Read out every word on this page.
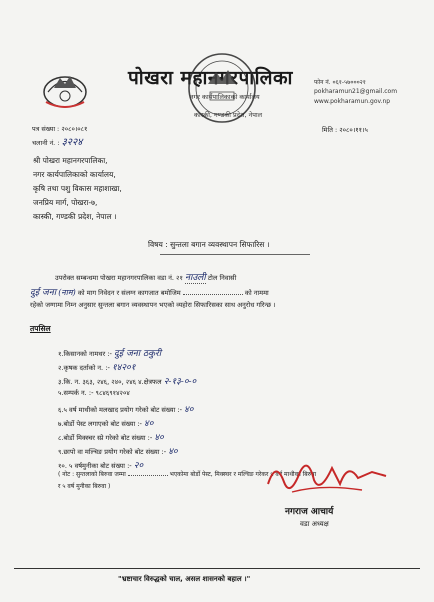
पोखरा महानगरपालिका
नगर कार्यपालिकाको कार्यालय
कास्की, गण्डकी प्रदेश, नेपाल
फोन नं. ०६१-५७०००२१
pokharamun21@gmail.com
www.pokharamun.gov.np
मिति : २०८०।११।५
पत्र संख्या : २०८०।०८१
चलानी नं. : ३२२४
श्री पोखरा महानगरपालिका,
नगर कार्यपालिकाको कार्यालय,
कृषि तथा पशु विकास महाशाखा,
जनप्रिय मार्ग, पोखरा-७,
कास्की, गण्डकी प्रदेश, नेपाल ।
विषय : सुन्तला बगान व्यवस्थापन सिफारिस ।
उपरोक्त सम्बन्धमा पोखरा महानगरपालिका वडा नं. २१ नाउली टोल निवासी
दुई जना (नाम) को माग निवेदन र संलग्न कागजात बमोजिम	को नाममा
रहेको जग्गामा निम्न अनुसार सुन्तला बगान व्यवस्थापन भएको व्यहोरा सिफारिसका साथ अनुरोध गरिन्छ ।
तपसिल
१.किसानको नामथर :- दुई जना ठकुरी
२.कृषक दर्ताको न. :- १४२०१
३.कि. न. ३६३, २४६, २४०, २४६ ४.क्षेत्रफल २-१३-०-०
५.सम्पर्क न. :- ९८४६९१४२०४
६.५ वर्ष माथीको मलखाद प्रयोग गरेको बोट संख्या :- ४०
७.बोर्डो पेस्ट लगाएको बोट संख्या :- ४०
८.बोर्डो मिक्स्चर स्प्रे गरेको बोट संख्या :- ४०
९.छापो वा मल्चिङ प्रयोग गरेको बोट संख्या :- ४०
१०. ५ वर्षमुनीका बोट संख्या :- २०
( नोट : सुन्तलाको बिरुवा जम्मा	भएकोमा बोर्डो पेस्ट, मिक्स्चर र मल्चिङ गरेकर ५ वर्ष माथीका बिरुवा
र ५ वर्ष मुनीका बिरुवा )
नगराज आचार्य
वडा अध्यक्ष
"भ्रष्टाचार विरुद्धको चाल, असल शासनको बहाल ।"
